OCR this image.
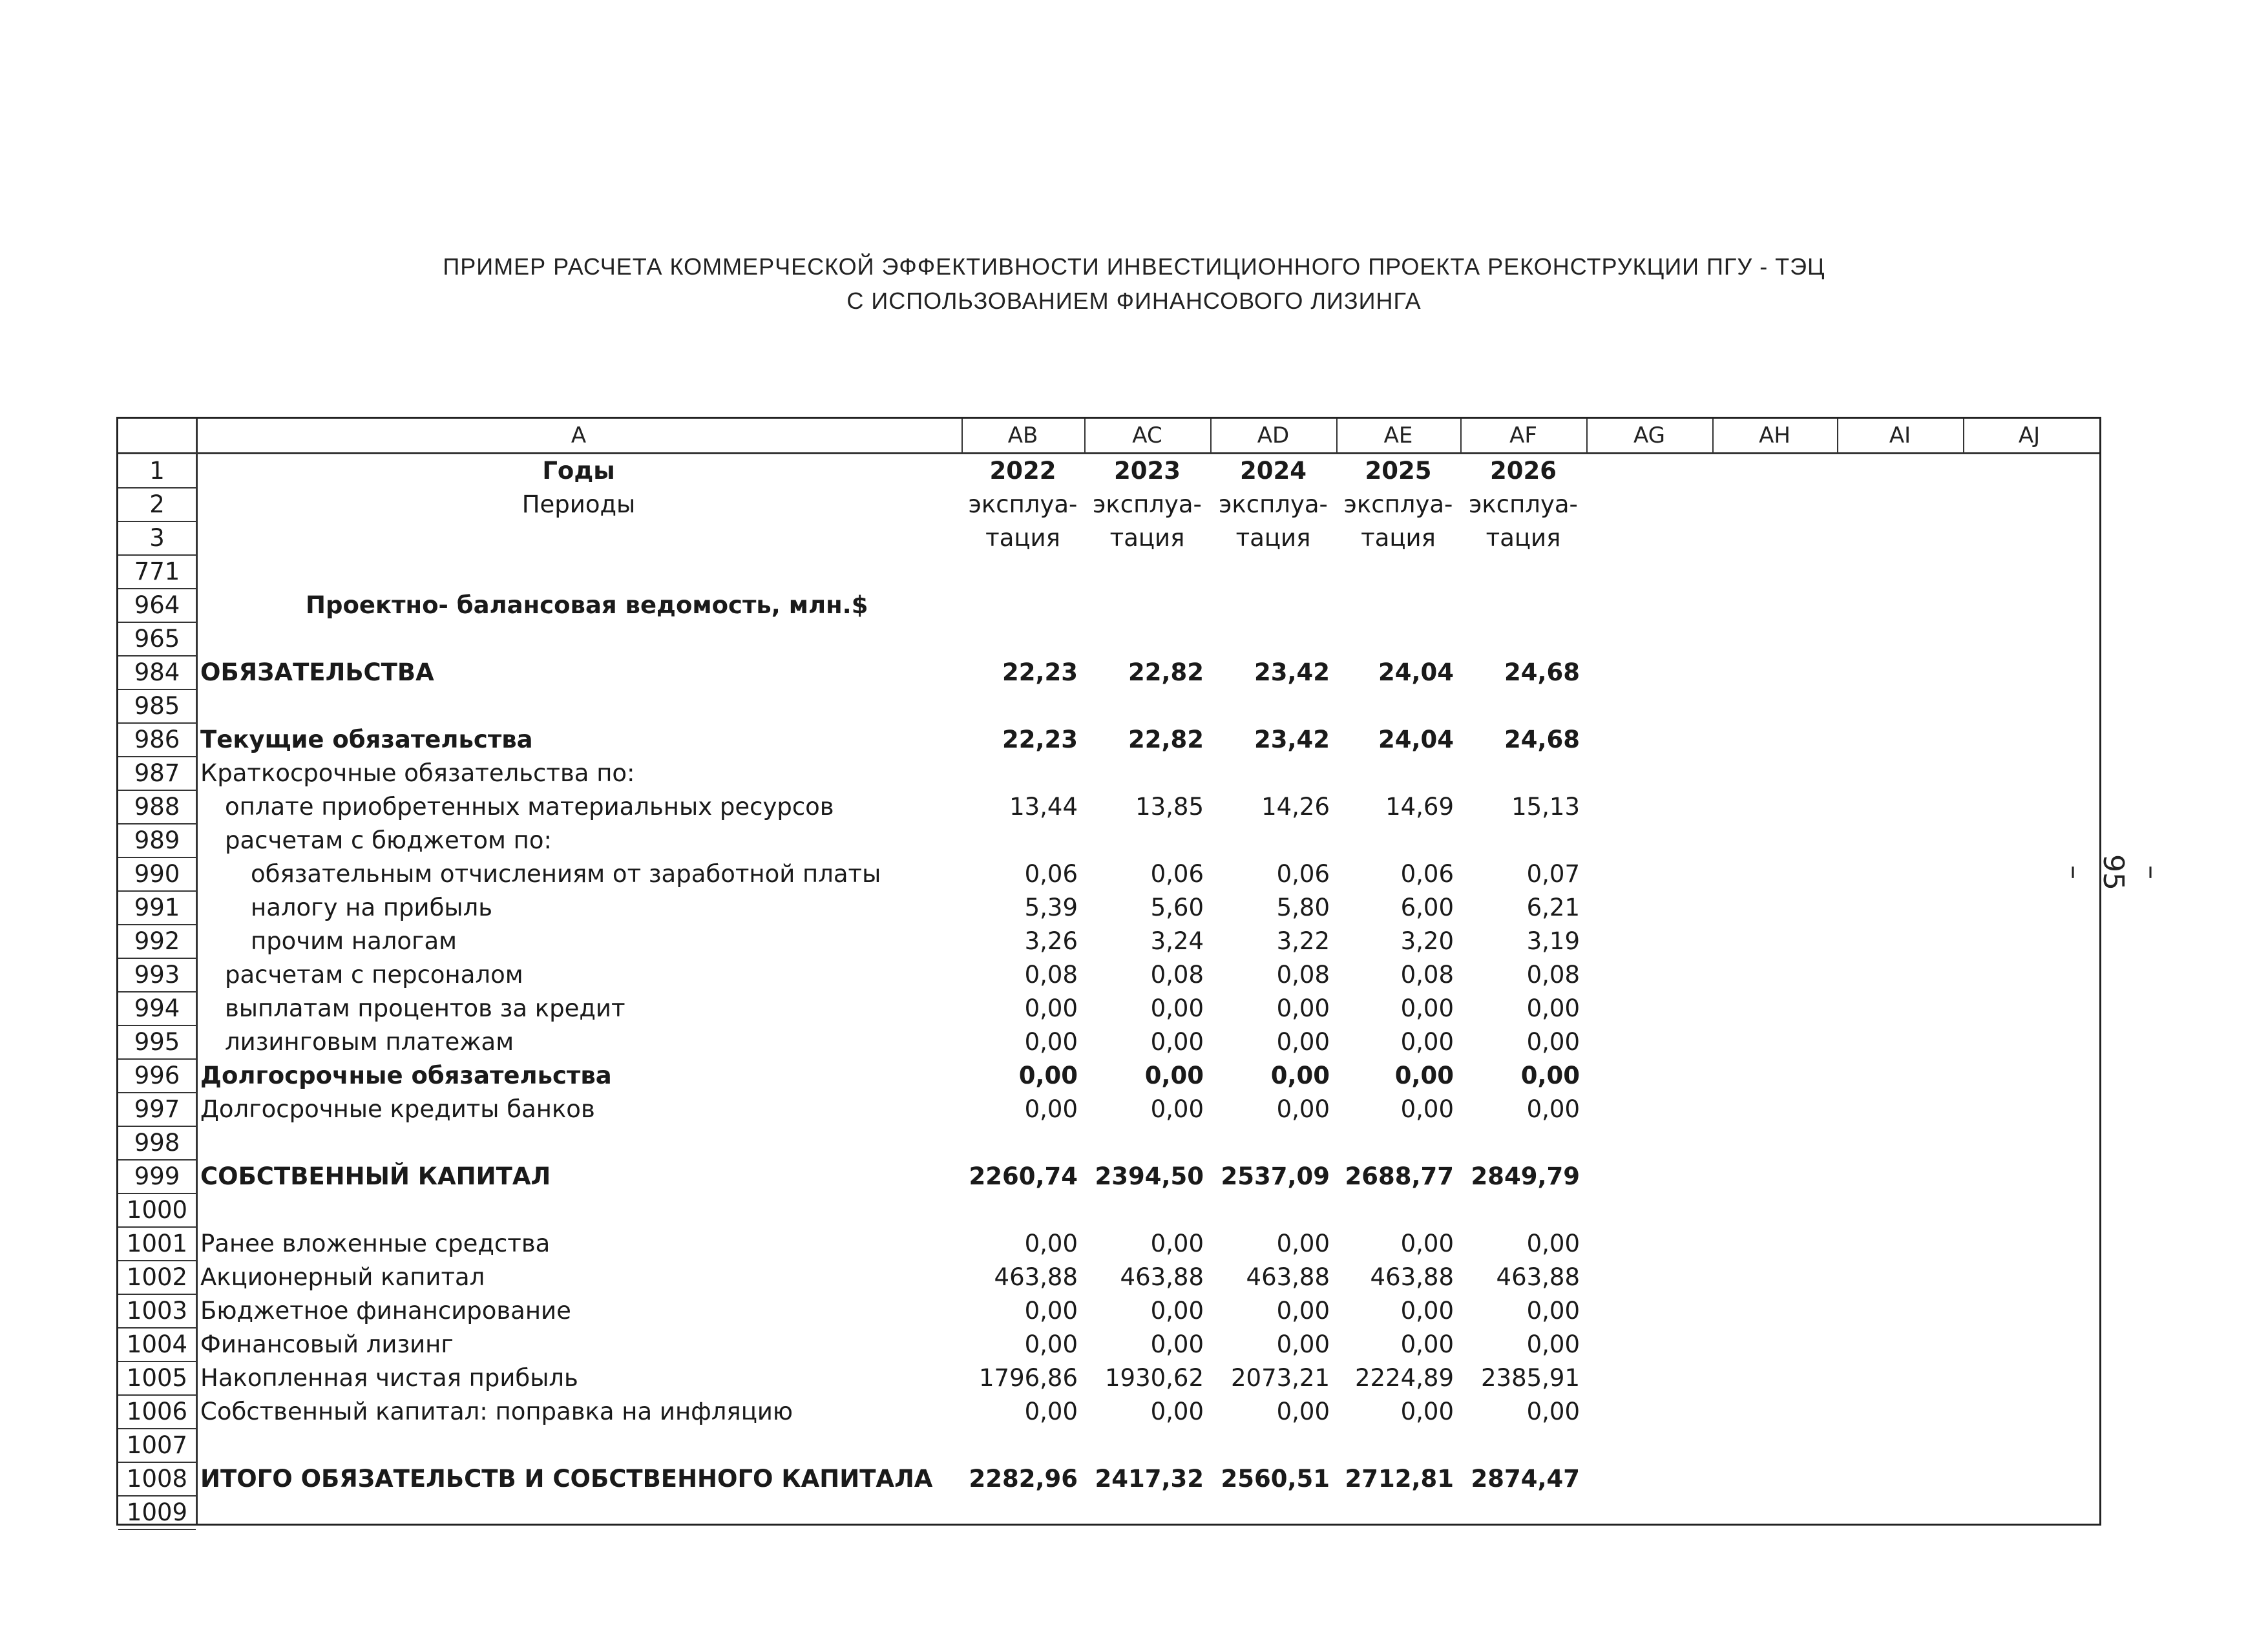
ПРИМЕР РАСЧЕТА КОММЕРЧЕСКОЙ ЭФФЕКТИВНОСТИ ИНВЕСТИЦИОННОГО ПРОЕКТА РЕКОНСТРУКЦИИ ПГУ - ТЭЦ
С ИСПОЛЬЗОВАНИЕМ ФИНАНСОВОГО ЛИЗИНГА
A	AB	AC	AD	AE	AF	AG	AH	AI	AJ
1	Годы	2022	2023	2024	2025	2026
2	Периоды	эксплуа- эксплуа- эксплуа- эксплуа- эксплуа-
3	тация	тация	тация	тация	тация
771
964	Проектно- балансовая ведомость, млн.$
965
984 ОБЯЗАТЕЛЬСТВА	22,23	22,82	23,42	24,04	24,68
985
986 Текущие обязательства	22,23	22,82	23,42	24,04	24,68
987 Краткосрочные обязательства по:
988	оплате приобретенных материальных ресурсов	13,44	13,85	14,26	14,69	15,13
989	расчетам с бюджетом по:
990	обязательным отчислениям от заработной платы	0,06	0,06	0,06	0,06	0,07
991	налогу на прибыль	5,39	5,60	5,80	6,00	6,21
992	прочим налогам	3,26	3,24	3,22	3,20	3,19
993	расчетам с персоналом	0,08	0,08	0,08	0,08	0,08
994	выплатам процентов за кредит	0,00	0,00	0,00	0,00	0,00
995	лизинговым платежам	0,00	0,00	0,00	0,00	0,00
996 Долгосрочные обязательства	0,00	0,00	0,00	0,00	0,00
997 Долгосрочные кредиты банков	0,00	0,00	0,00	0,00	0,00
998
999 СОБСТВЕННЫЙ КАПИТАЛ	2260,74 2394,50 2537,09 2688,77 2849,79
1000
1001 Ранее вложенные средства	0,00	0,00	0,00	0,00	0,00
1002 Акционерный капитал	463,88	463,88	463,88	463,88	463,88
1003 Бюджетное финансирование	0,00	0,00	0,00	0,00	0,00
1004 Финансовый лизинг	0,00	0,00	0,00	0,00	0,00
1005 Накопленная чистая прибыль	1796,86	1930,62	2073,21	2224,89	2385,91
1006 Собственный капитал: поправка на инфляцию	0,00	0,00	0,00	0,00	0,00
1007
1008 ИТОГО ОБЯЗАТЕЛЬСТВ И СОБСТВЕННОГО КАПИТАЛА	2282,96 2417,32 2560,51 2712,81 2874,47
1009
– 95 –
